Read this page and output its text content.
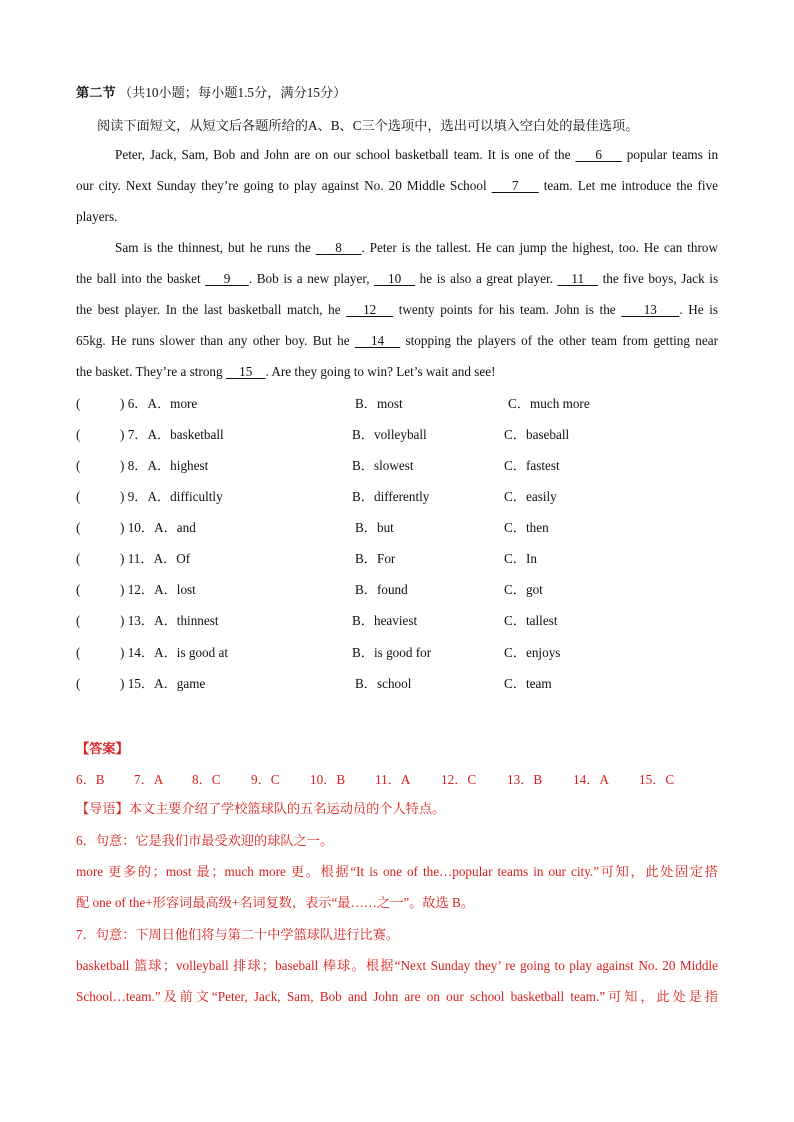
第二节 （共10小题；每小题1.5分，满分15分）
阅读下面短文，从短文后各题所给的A、B、C三个选项中，选出可以填入空白处的最佳选项。
Peter, Jack, Sam, Bob and John are on our school basketball team. It is one of the     6     popular teams in
our city. Next Sunday they’re going to play against No. 20 Middle School     7     team. Let me introduce the five
players.
Sam is the thinnest, but he runs the     8    . Peter is the tallest. He can jump the highest, too. He can throw
the ball into the basket     9    . Bob is a new player,    10    he is also a great player.    11    the five boys, Jack is
the best player. In the last basketball match, he    12    twenty points for his team. John is the     13    . He is
65kg. He runs slower than any other boy. But he    14    stopping the players of the other team from getting near
the basket. They’re a strong     15    . Are they going to win? Let’s wait and see!
(	) 6．A．more	B．most	C．much more
(	) 7．A．basketball	B．volleyball	C．baseball
(	) 8．A．highest	B．slowest	C．fastest
(	) 9．A．difficultly	B．differently	C．easily
(	) 10．A．and	B．but	C．then
(	) 11．A．Of	B．For	C．In
(	) 12．A．lost	B．found	C．got
(	) 13．A．thinnest	B．heaviest	C．tallest
(	) 14．A．is good at	B．is good for	C．enjoys
(	) 15．A．game	B．school	C．team
【答案】
6．B 7．A 8．C 9．C 10．B 11．A 12．C 13．B 14．A 15．C
【导语】本文主要介绍了学校篮球队的五名运动员的个人特点。
6．句意：它是我们市最受欢迎的球队之一。
more 更多的；most 最；much more 更。根据“It is one of the…popular teams in our city.”可知，此处固定搭
配 one of the+形容词最高级+名词复数，表示“最……之一”。故选 B。
7．句意：下周日他们将与第二十中学篮球队进行比赛。
basketball 篮球；volleyball 排球；baseball 棒球。根据“Next Sunday they’ re going to play against No. 20 Middle
School…team.”及前文“Peter, Jack, Sam, Bob and John are on our school basketball team.”可知，此处是指
